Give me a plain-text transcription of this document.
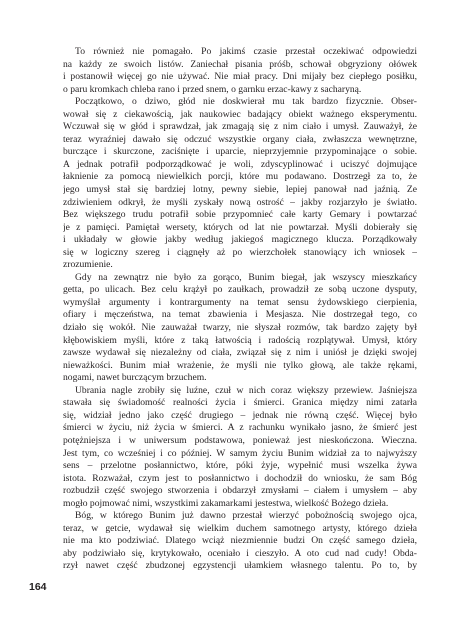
To również nie pomagało. Po jakimś czasie przestał oczekiwać odpowiedzi
na każdy ze swoich listów. Zaniechał pisania próśb, schował obgryziony ołówek
i postanowił więcej go nie używać. Nie miał pracy. Dni mijały bez ciepłego posiłku,
o paru kromkach chleba rano i przed snem, o garnku erzac-kawy z sacharyną.
Początkowo, o dziwo, głód nie doskwierał mu tak bardzo fizycznie. Obser-
wował się z ciekawością, jak naukowiec badający obiekt ważnego eksperymentu.
Wczuwał się w głód i sprawdzał, jak zmagają się z nim ciało i umysł. Zauważył, że
teraz wyraźniej dawało się odczuć wszystkie organy ciała, zwłaszcza wewnętrzne,
burczące i skurczone, zaciśnięte i uparcie, nieprzyjemnie przypominające o sobie.
A jednak potrafił podporządkować je woli, zdyscyplinować i uciszyć dojmujące
łaknienie za pomocą niewielkich porcji, które mu podawano. Dostrzegł za to, że
jego umysł stał się bardziej lotny, pewny siebie, lepiej panował nad jaźnią. Ze
zdziwieniem odkrył, że myśli zyskały nową ostrość – jakby rozjarzyło je światło.
Bez większego trudu potrafił sobie przypomnieć całe karty Gemary i powtarzać
je z pamięci. Pamiętał wersety, których od lat nie powtarzał. Myśli dobierały się
i układały w głowie jakby według jakiegoś magicznego klucza. Porządkowały
się w logiczny szereg i ciągnęły aż po wierzchołek stanowiący ich wniosek –
zrozumienie.
Gdy na zewnątrz nie było za gorąco, Bunim biegał, jak wszyscy mieszkańcy
getta, po ulicach. Bez celu krążył po zaułkach, prowadził ze sobą uczone dysputy,
wymyślał argumenty i kontrargumenty na temat sensu żydowskiego cierpienia,
ofiary i męczeństwa, na temat zbawienia i Mesjasza. Nie dostrzegał tego, co
działo się wokół. Nie zauważał twarzy, nie słyszał rozmów, tak bardzo zajęty był
kłębowiskiem myśli, które z taką łatwością i radością rozplątywał. Umysł, który
zawsze wydawał się niezależny od ciała, związał się z nim i uniósł je dzięki swojej
nieważkości. Bunim miał wrażenie, że myśli nie tylko głową, ale także rękami,
nogami, nawet burczącym brzuchem.
Ubrania nagle zrobiły się luźne, czuł w nich coraz większy przewiew. Jaśniejsza
stawała się świadomość realności życia i śmierci. Granica między nimi zatarła
się, widział jedno jako część drugiego – jednak nie równą część. Więcej było
śmierci w życiu, niż życia w śmierci. A z rachunku wynikało jasno, że śmierć jest
potężniejsza i w uniwersum podstawowa, ponieważ jest nieskończona. Wieczna.
Jest tym, co wcześniej i co później. W samym życiu Bunim widział za to najwyższy
sens – przelotne posłannictwo, które, póki żyje, wypełnić musi wszelka żywa
istota. Rozważał, czym jest to posłannictwo i dochodził do wniosku, że sam Bóg
rozbudził część swojego stworzenia i obdarzył zmysłami – ciałem i umysłem – aby
mogło pojmować nimi, wszystkimi zakamarkami jestestwa, wielkość Bożego dzieła.
Bóg, w którego Bunim już dawno przestał wierzyć pobożnością swojego ojca,
teraz, w getcie, wydawał się wielkim duchem samotnego artysty, którego dzieła
nie ma kto podziwiać. Dlatego wciąż niezmiennie budzi On część samego dzieła,
aby podziwiało się, krytykowało, oceniało i cieszyło. A oto cud nad cudy! Obda-
rzył nawet część zbudzonej egzystencji ułamkiem własnego talentu. Po to, by
164
